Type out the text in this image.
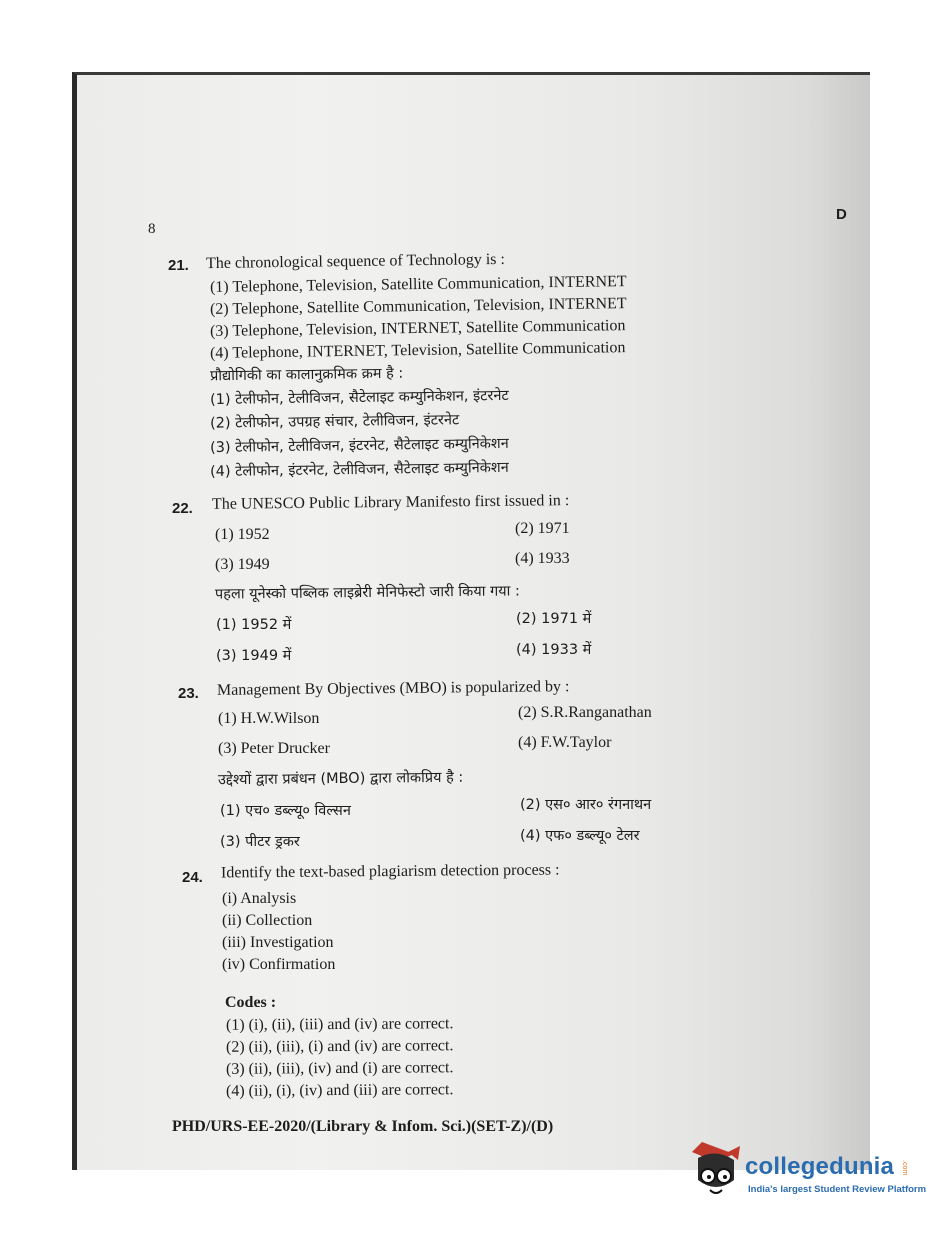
8
D
21. The chronological sequence of Technology is :
(1) Telephone, Television, Satellite Communication, INTERNET
(2) Telephone, Satellite Communication, Television, INTERNET
(3) Telephone, Television, INTERNET, Satellite Communication
(4) Telephone, INTERNET, Television, Satellite Communication
प्रौद्योगिकी का कालानुक्रमिक क्रम है :
(1) टेलीफोन, टेलीविजन, सैटेलाइट कम्युनिकेशन, इंटरनेट
(2) टेलीफोन, उपग्रह संचार, टेलीविजन, इंटरनेट
(3) टेलीफोन, टेलीविजन, इंटरनेट, सैटेलाइट कम्युनिकेशन
(4) टेलीफोन, इंटरनेट, टेलीविजन, सैटेलाइट कम्युनिकेशन
22. The UNESCO Public Library Manifesto first issued in :
(1) 1952	(2) 1971
(3) 1949	(4) 1933
पहला यूनेस्को पब्लिक लाइब्रेरी मेनिफेस्टो जारी किया गया :
(1) 1952 में	(2) 1971 में
(3) 1949 में	(4) 1933 में
23. Management By Objectives (MBO) is popularized by :
(1) H.W.Wilson	(2) S.R.Ranganathan
(3) Peter Drucker	(4) F.W.Taylor
उद्देश्यों द्वारा प्रबंधन (MBO) द्वारा लोकप्रिय है :
(1) एच० डब्ल्यू० विल्सन	(2) एस० आर० रंगनाथन
(3) पीटर ड्रकर	(4) एफ० डब्ल्यू० टेलर
24. Identify the text-based plagiarism detection process :
(i) Analysis
(ii) Collection
(iii) Investigation
(iv) Confirmation
Codes :
(1) (i), (ii), (iii) and (iv) are correct.
(2) (ii), (iii), (i) and (iv) are correct.
(3) (ii), (iii), (iv) and (i) are correct.
(4) (ii), (i), (iv) and (iii) are correct.
PHD/URS-EE-2020/(Library & Infom. Sci.)(SET-Z)/(D)
collegedunia .com
India's largest Student Review Platform
